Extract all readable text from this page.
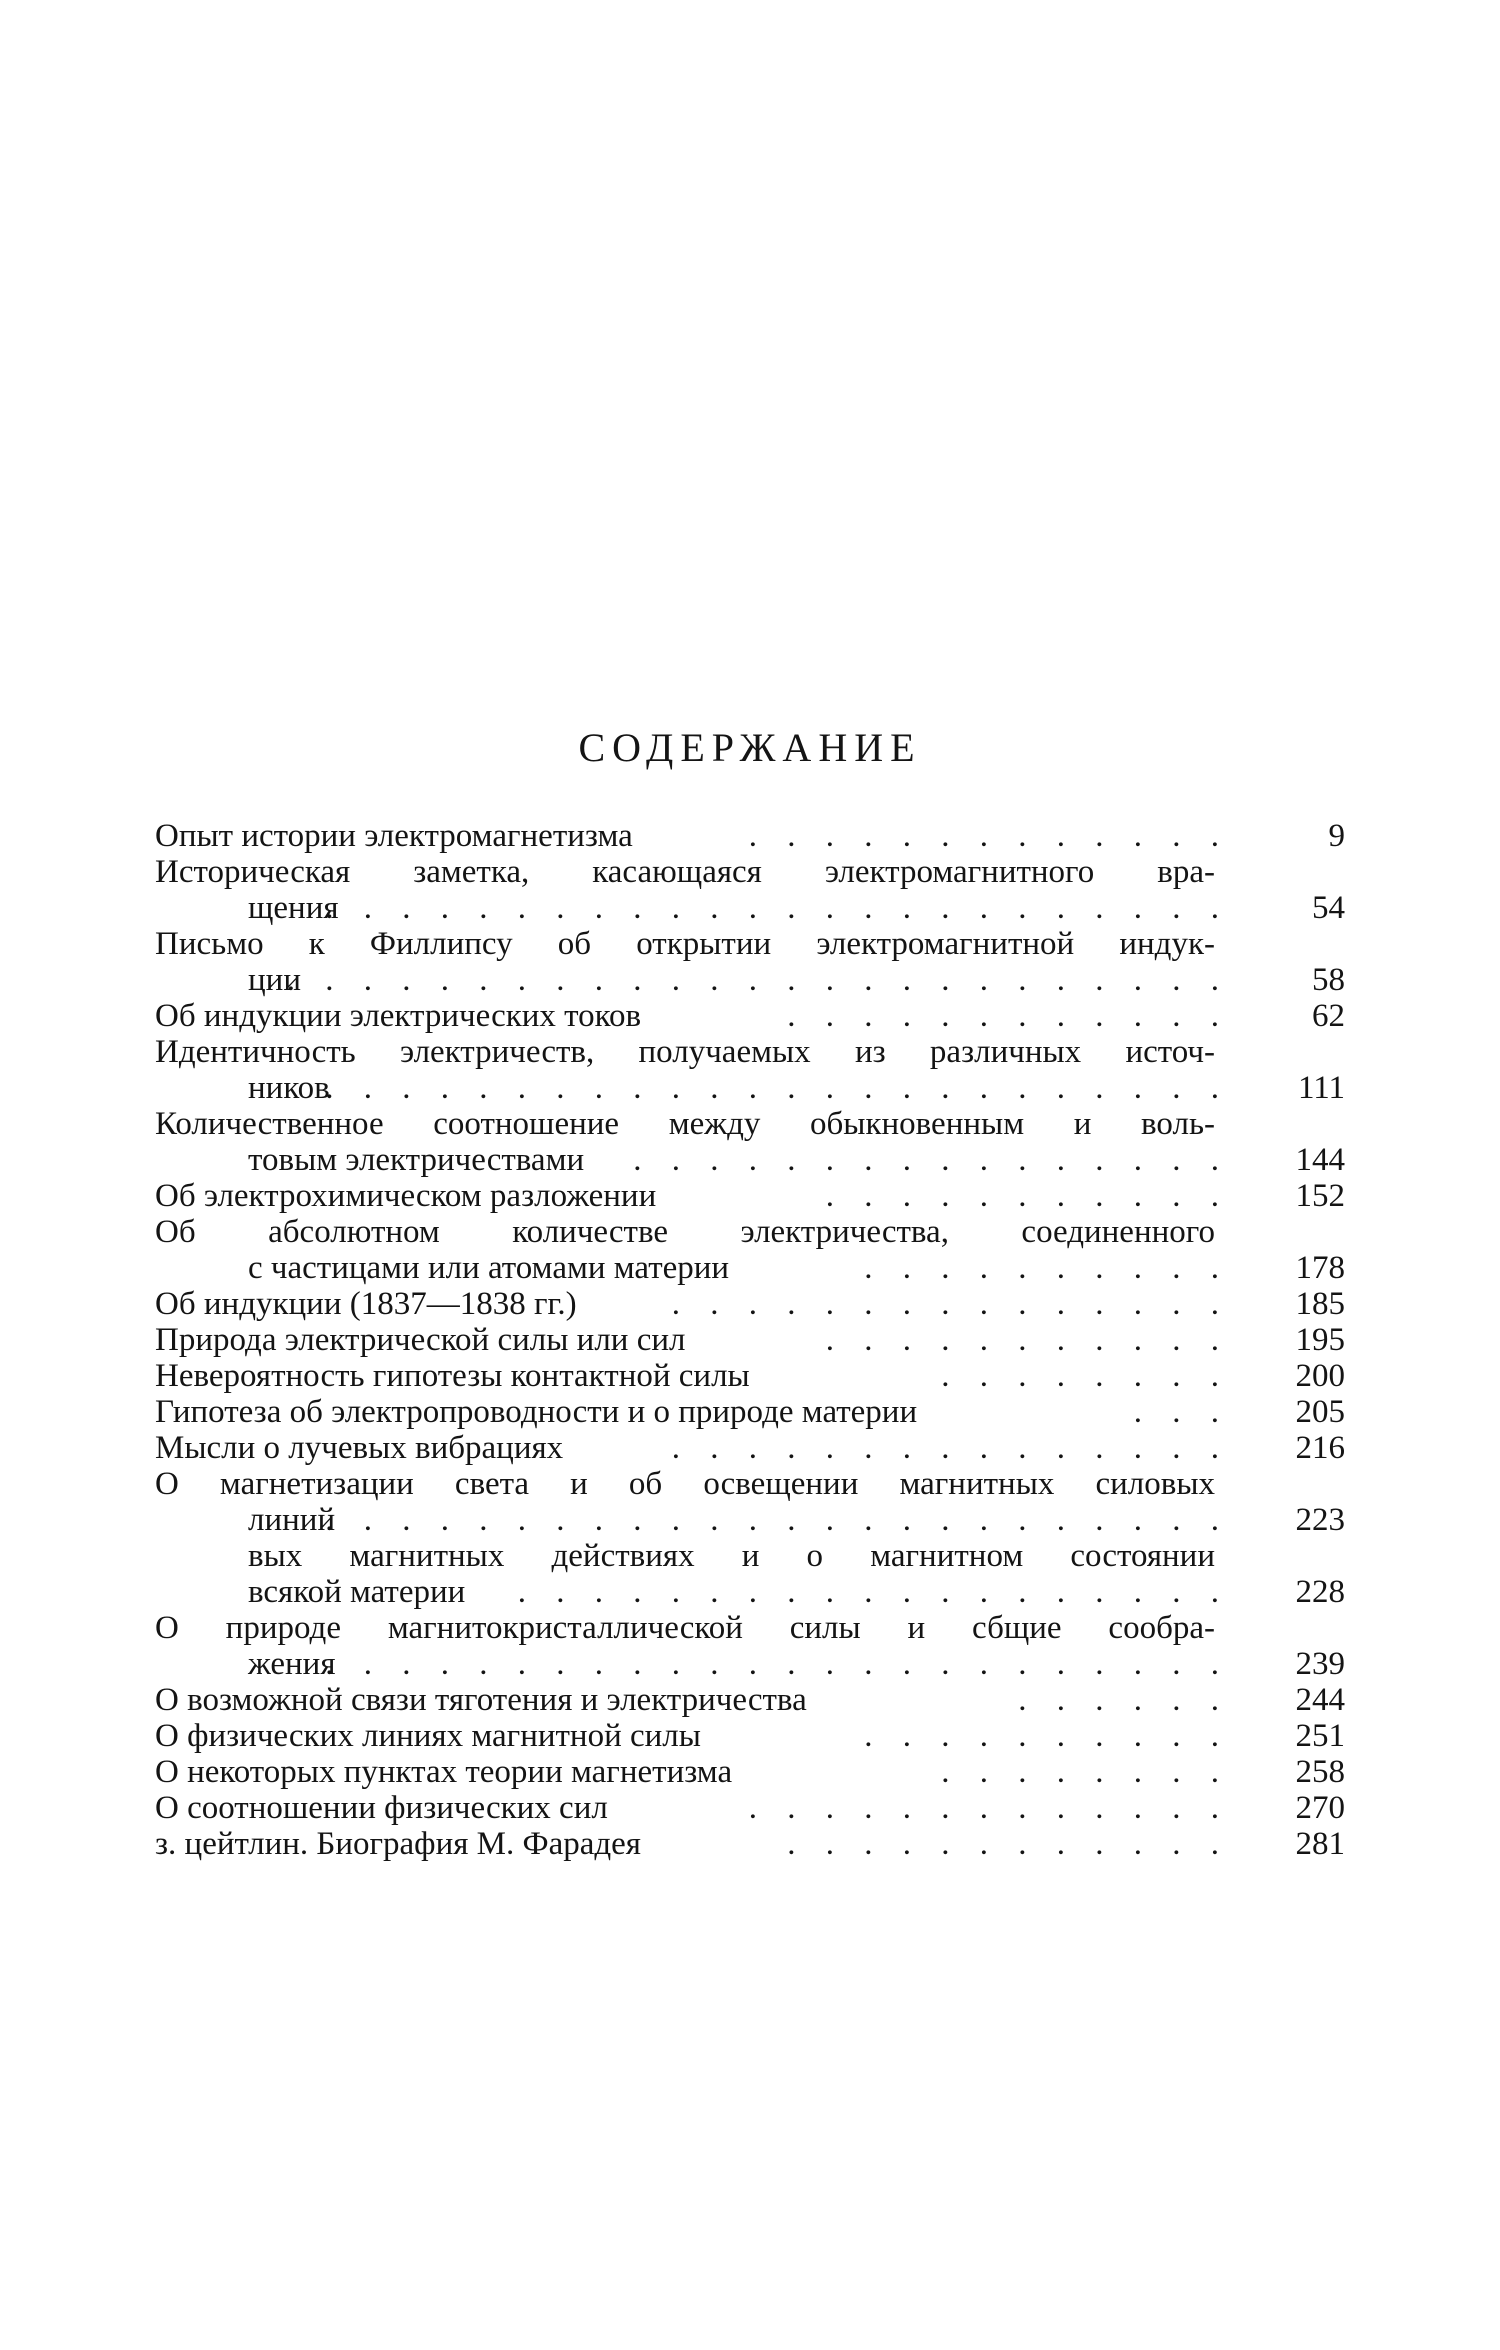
СОДЕРЖАНИЕ
Опыт истории электромагнетизма	. . . . . . . . . . . . .	9
Историческая заметка, касающаяся электромагнитного вра-
щения
. . . . . . . . . . . . . . . . . . . . . . . .	54
Письмо к Филлипсу об открытии электромагнитной индук-
ции
. . . . . . . . . . . . . . . . . . . . . . . . .	58
Об индукции электрических токов	. . . . . . . . . . . .	62
Идентичность электричеств, получаемых из различных источ-
ников
. . . . . . . . . . . . . . . . . . . . . . . .	111
Количественное соотношение между обыкновенным и воль-
товым электричествами	. . . . . . . . . . . . . . . .	144
Об электрохимическом разложении	. . . . . . . . . . .	152
Об абсолютном количестве электричества, соединенного
с частицами или атомами материи	. . . . . . . . . .	178
Об индукции (1837—1838 гг.)	. . . . . . . . . . . . . . .	185
Природа электрической силы или сил	. . . . . . . . . . .	195
Невероятность гипотезы контактной силы	. . . . . . . .	200
Гипотеза об электропроводности и о природе материи	. . .	205
Мысли о лучевых вибрациях	. . . . . . . . . . . . . . .	216
О магнетизации света и об освещении магнитных силовых
линий
. . . . . . . . . . . . . . . . . . . . . . . .	223
вых магнитных действиях и о магнитном состоянии
всякой материи	. . . . . . . . . . . . . . . . . . .	228
О природе магнитокристаллической силы и сбщие сообра-
жения
. . . . . . . . . . . . . . . . . . . . . . . .	239
О возможной связи тяготения и электричества	. . . . . .	244
О физических линиях магнитной силы	. . . . . . . . . .	251
О некоторых пунктах теории магнетизма	. . . . . . . .	258
О соотношении физических сил	. . . . . . . . . . . . .	270
з. цейтлин. Биография М. Фарадея	. . . . . . . . . . . .	281
